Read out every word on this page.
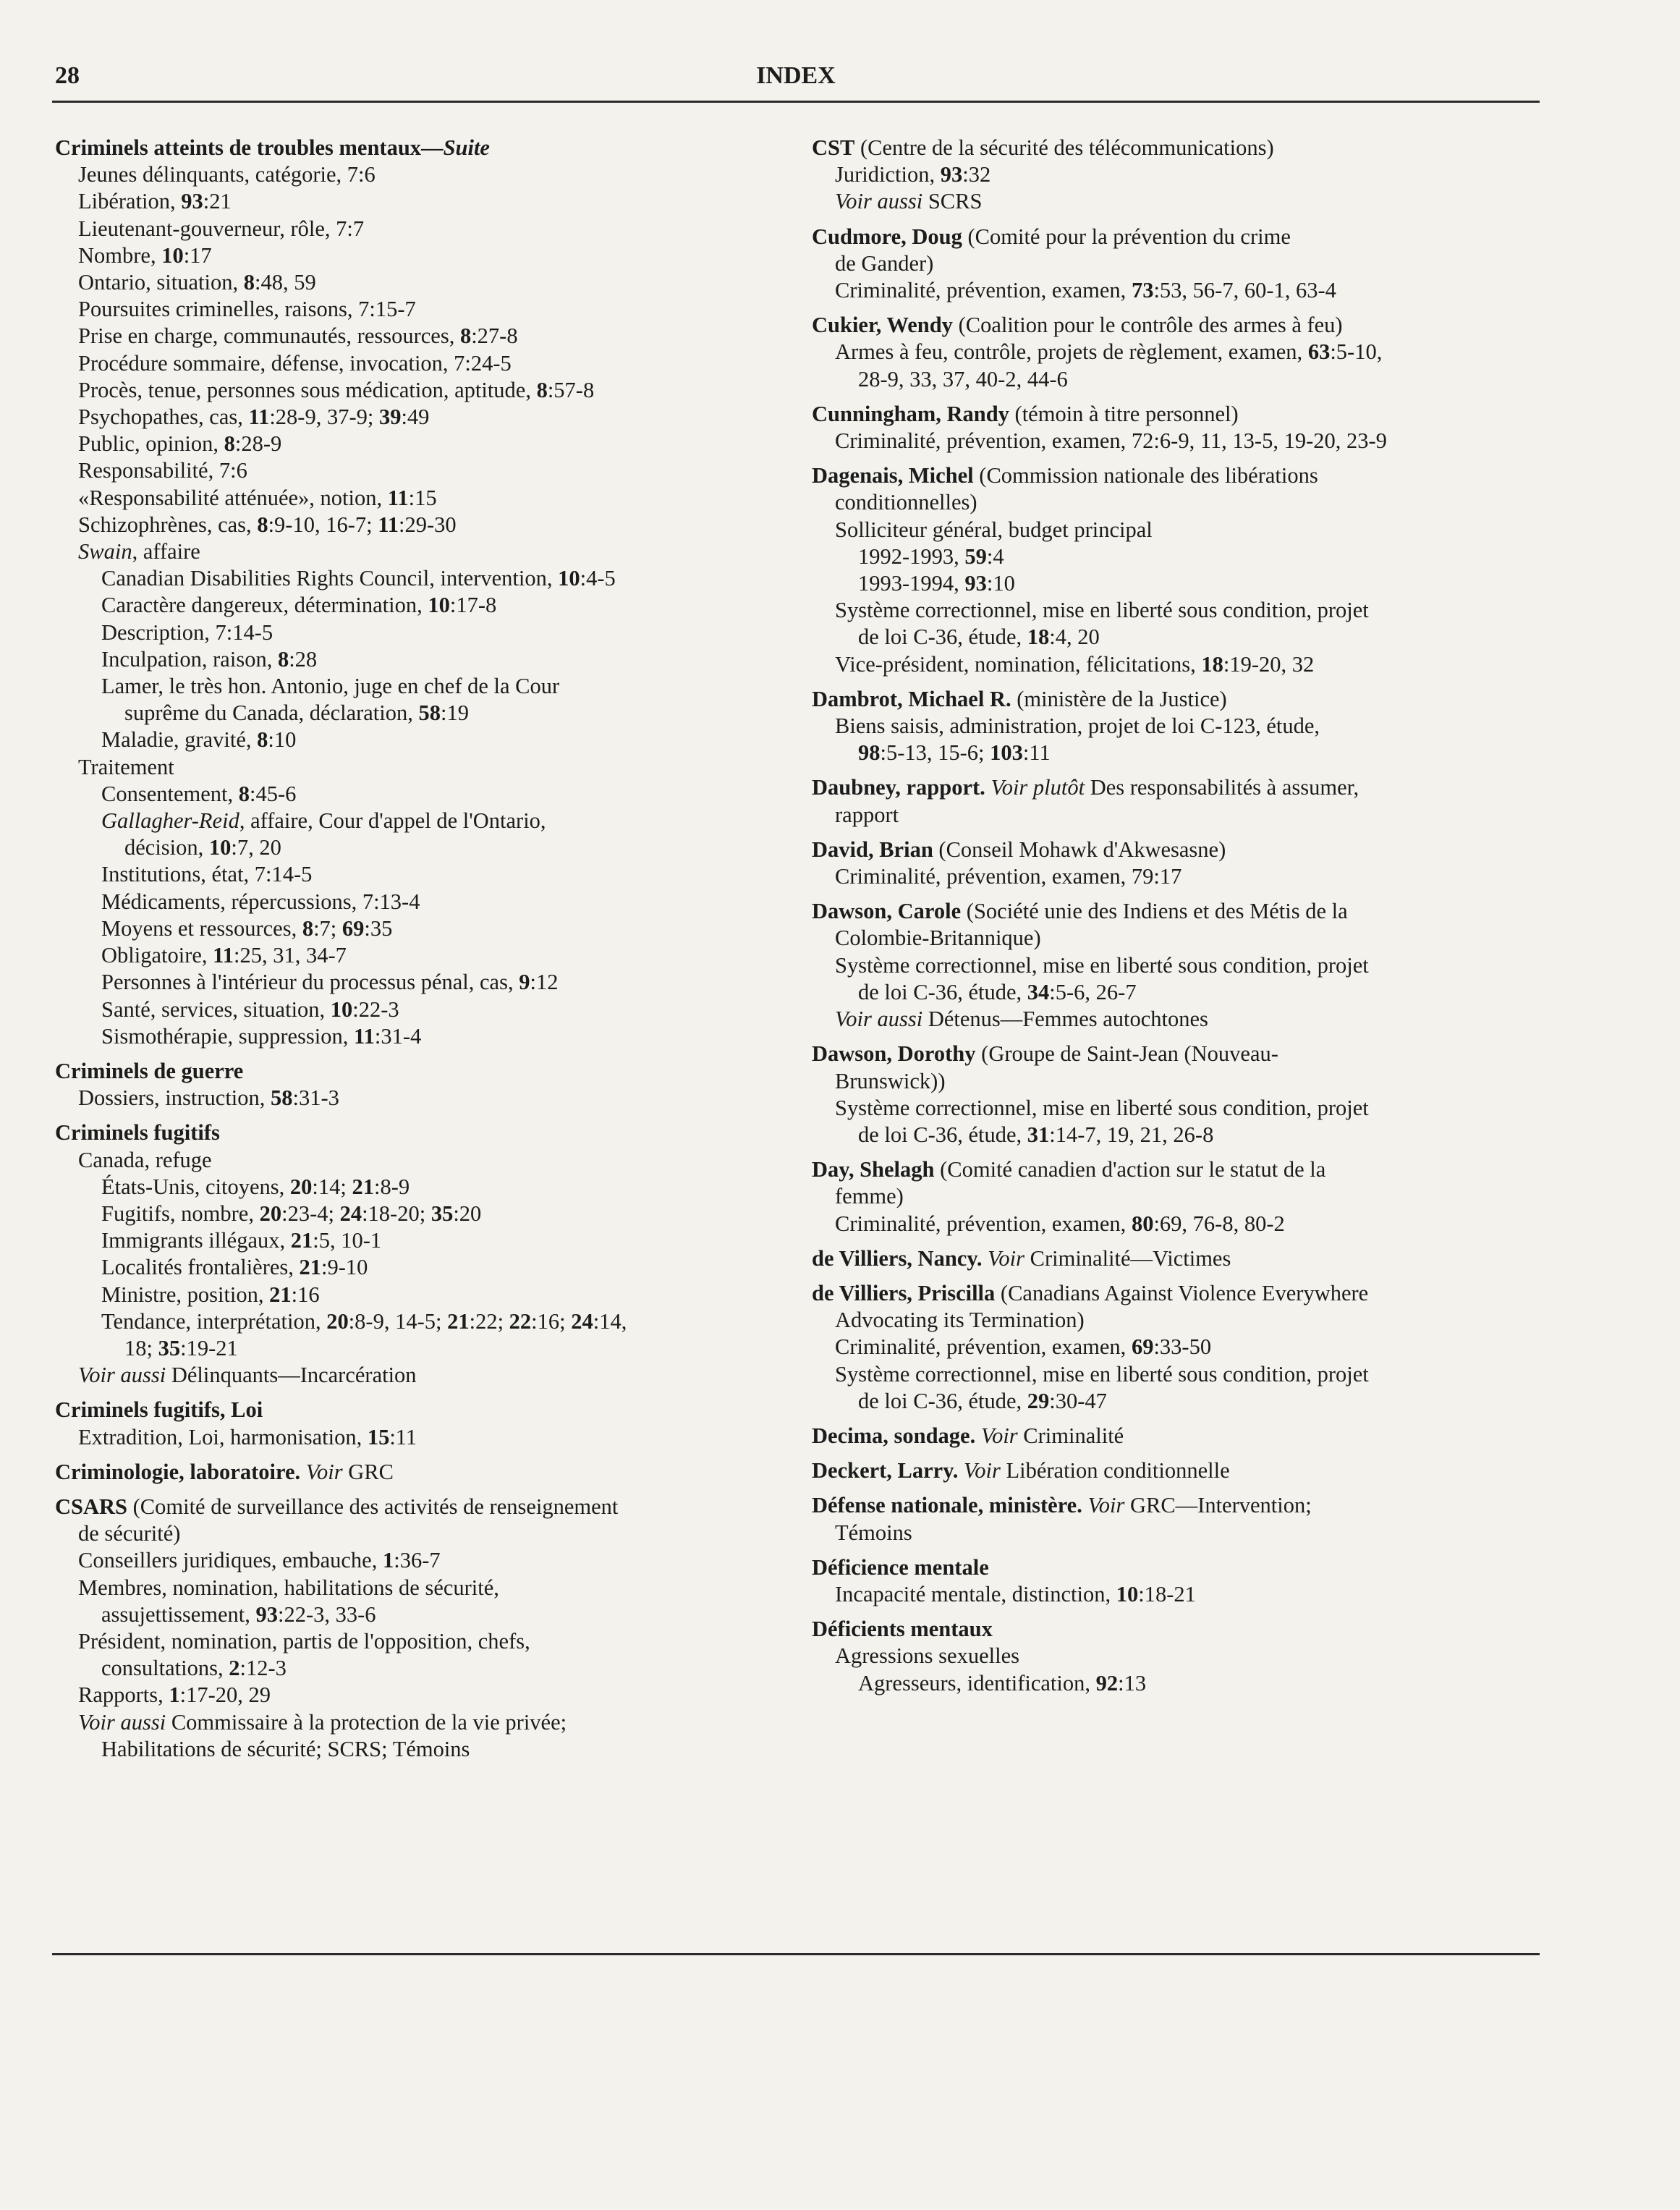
28	INDEX
Criminels atteints de troubles mentaux—Suite
Jeunes délinquants, catégorie, 7:6
Libération, 93:21
Lieutenant-gouverneur, rôle, 7:7
Nombre, 10:17
Ontario, situation, 8:48, 59
Poursuites criminelles, raisons, 7:15-7
Prise en charge, communautés, ressources, 8:27-8
Procédure sommaire, défense, invocation, 7:24-5
Procès, tenue, personnes sous médication, aptitude, 8:57-8
Psychopathes, cas, 11:28-9, 37-9; 39:49
Public, opinion, 8:28-9
Responsabilité, 7:6
«Responsabilité atténuée», notion, 11:15
Schizophrènes, cas, 8:9-10, 16-7; 11:29-30
Swain, affaire
Canadian Disabilities Rights Council, intervention, 10:4-5
Caractère dangereux, détermination, 10:17-8
Description, 7:14-5
Inculpation, raison, 8:28
Lamer, le très hon. Antonio, juge en chef de la Cour
suprême du Canada, déclaration, 58:19
Maladie, gravité, 8:10
Traitement
Consentement, 8:45-6
Gallagher-Reid, affaire, Cour d'appel de l'Ontario,
décision, 10:7, 20
Institutions, état, 7:14-5
Médicaments, répercussions, 7:13-4
Moyens et ressources, 8:7; 69:35
Obligatoire, 11:25, 31, 34-7
Personnes à l'intérieur du processus pénal, cas, 9:12
Santé, services, situation, 10:22-3
Sismothérapie, suppression, 11:31-4
Criminels de guerre
Dossiers, instruction, 58:31-3
Criminels fugitifs
Canada, refuge
États-Unis, citoyens, 20:14; 21:8-9
Fugitifs, nombre, 20:23-4; 24:18-20; 35:20
Immigrants illégaux, 21:5, 10-1
Localités frontalières, 21:9-10
Ministre, position, 21:16
Tendance, interprétation, 20:8-9, 14-5; 21:22; 22:16; 24:14,
18; 35:19-21
Voir aussi Délinquants—Incarcération
Criminels fugitifs, Loi
Extradition, Loi, harmonisation, 15:11
Criminologie, laboratoire. Voir GRC
CSARS (Comité de surveillance des activités de renseignement
de sécurité)
Conseillers juridiques, embauche, 1:36-7
Membres, nomination, habilitations de sécurité,
assujettissement, 93:22-3, 33-6
Président, nomination, partis de l'opposition, chefs,
consultations, 2:12-3
Rapports, 1:17-20, 29
Voir aussi Commissaire à la protection de la vie privée;
Habilitations de sécurité; SCRS; Témoins
CST (Centre de la sécurité des télécommunications)
Juridiction, 93:32
Voir aussi SCRS
Cudmore, Doug (Comité pour la prévention du crime
de Gander)
Criminalité, prévention, examen, 73:53, 56-7, 60-1, 63-4
Cukier, Wendy (Coalition pour le contrôle des armes à feu)
Armes à feu, contrôle, projets de règlement, examen, 63:5-10,
28-9, 33, 37, 40-2, 44-6
Cunningham, Randy (témoin à titre personnel)
Criminalité, prévention, examen, 72:6-9, 11, 13-5, 19-20, 23-9
Dagenais, Michel (Commission nationale des libérations
conditionnelles)
Solliciteur général, budget principal
1992-1993, 59:4
1993-1994, 93:10
Système correctionnel, mise en liberté sous condition, projet
de loi C-36, étude, 18:4, 20
Vice-président, nomination, félicitations, 18:19-20, 32
Dambrot, Michael R. (ministère de la Justice)
Biens saisis, administration, projet de loi C-123, étude,
98:5-13, 15-6; 103:11
Daubney, rapport. Voir plutôt Des responsabilités à assumer,
rapport
David, Brian (Conseil Mohawk d'Akwesasne)
Criminalité, prévention, examen, 79:17
Dawson, Carole (Société unie des Indiens et des Métis de la
Colombie-Britannique)
Système correctionnel, mise en liberté sous condition, projet
de loi C-36, étude, 34:5-6, 26-7
Voir aussi Détenus—Femmes autochtones
Dawson, Dorothy (Groupe de Saint-Jean (Nouveau-
Brunswick))
Système correctionnel, mise en liberté sous condition, projet
de loi C-36, étude, 31:14-7, 19, 21, 26-8
Day, Shelagh (Comité canadien d'action sur le statut de la
femme)
Criminalité, prévention, examen, 80:69, 76-8, 80-2
de Villiers, Nancy. Voir Criminalité—Victimes
de Villiers, Priscilla (Canadians Against Violence Everywhere
Advocating its Termination)
Criminalité, prévention, examen, 69:33-50
Système correctionnel, mise en liberté sous condition, projet
de loi C-36, étude, 29:30-47
Decima, sondage. Voir Criminalité
Deckert, Larry. Voir Libération conditionnelle
Défense nationale, ministère. Voir GRC—Intervention;
Témoins
Déficience mentale
Incapacité mentale, distinction, 10:18-21
Déficients mentaux
Agressions sexuelles
Agresseurs, identification, 92:13
